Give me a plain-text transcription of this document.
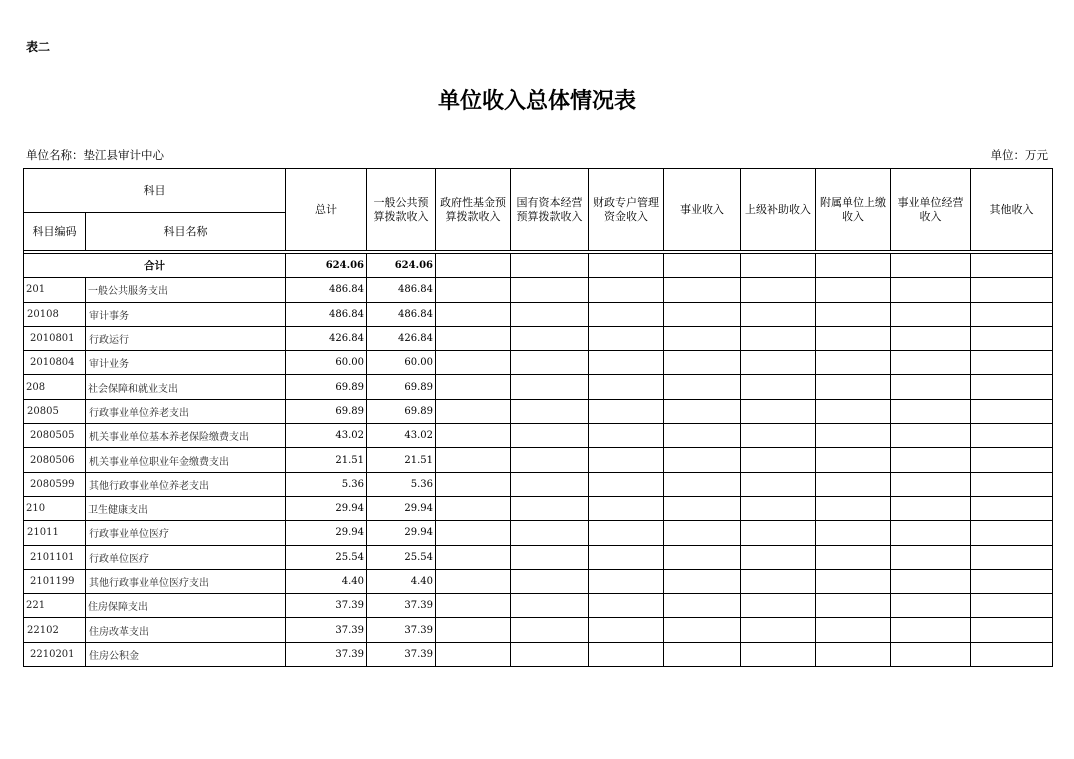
表二
单位收入总体情况表
单位名称：垫江县审计中心	单位：万元
科目		总计	一般公共预算拨款收入	政府性基金预算拨款收入	国有资本经营预算拨款收入	财政专户管理资金收入	事业收入	上级补助收入	附属单位上缴收入	事业单位经营收入	其他收入
科目编码	科目名称										

合计		624.06	624.06								
201	一般公共服务支出	486.84	486.84								
20108	审计事务	486.84	486.84								
2010801	行政运行	426.84	426.84								
2010804	审计业务	60.00	60.00								
208	社会保障和就业支出	69.89	69.89								
20805	行政事业单位养老支出	69.89	69.89								
2080505	机关事业单位基本养老保险缴费支出	43.02	43.02								
2080506	机关事业单位职业年金缴费支出	21.51	21.51								
2080599	其他行政事业单位养老支出	5.36	5.36								
210	卫生健康支出	29.94	29.94								
21011	行政事业单位医疗	29.94	29.94								
2101101	行政单位医疗	25.54	25.54								
2101199	其他行政事业单位医疗支出	4.40	4.40								
221	住房保障支出	37.39	37.39								
22102	住房改革支出	37.39	37.39								
2210201	住房公积金	37.39	37.39								
